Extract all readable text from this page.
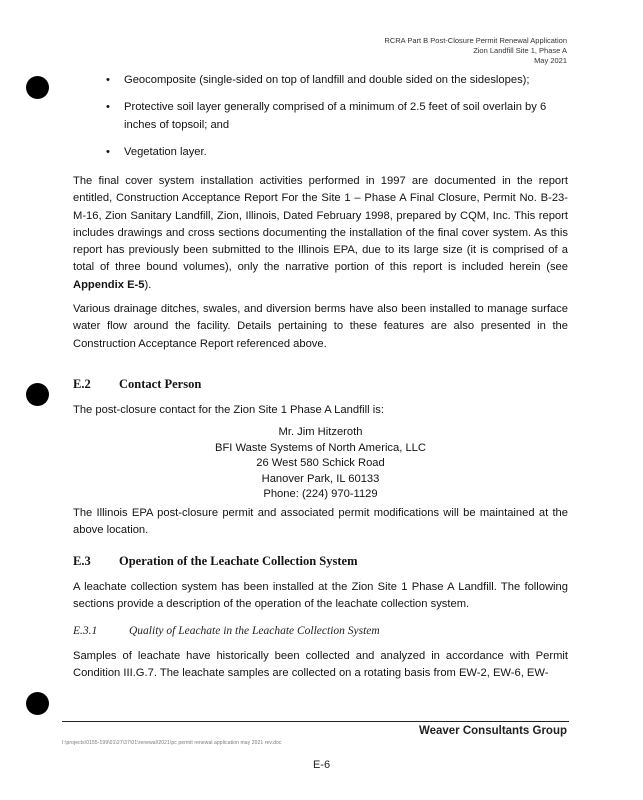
RCRA Part B Post-Closure Permit Renewal Application
Zion Landfill Site 1, Phase A
May 2021
• Geocomposite (single-sided on top of landfill and double sided on the sideslopes);
• Protective soil layer generally comprised of a minimum of 2.5 feet of soil overlain by 6 inches of topsoil; and
• Vegetation layer.

The final cover system installation activities performed in 1997 are documented in the report entitled, Construction Acceptance Report For the Site 1 – Phase A Final Closure, Permit No. B-23-M-16, Zion Sanitary Landfill, Zion, Illinois, Dated February 1998, prepared by CQM, Inc. This report includes drawings and cross sections documenting the installation of the final cover system. As this report has previously been submitted to the Illinois EPA, due to its large size (it is comprised of a total of three bound volumes), only the narrative portion of this report is included herein (see Appendix E-5).

Various drainage ditches, swales, and diversion berms have also been installed to manage surface water flow around the facility. Details pertaining to these features are also presented in the Construction Acceptance Report referenced above.

E.2 Contact Person

The post-closure contact for the Zion Site 1 Phase A Landfill is:

Mr. Jim Hitzeroth
BFI Waste Systems of North America, LLC
26 West 580 Schick Road
Hanover Park, IL 60133
Phone: (224) 970-1129

The Illinois EPA post-closure permit and associated permit modifications will be maintained at the above location.

E.3 Operation of the Leachate Collection System

A leachate collection system has been installed at the Zion Site 1 Phase A Landfill. The following sections provide a description of the operation of the leachate collection system.

E.3.1	Quality of Leachate in the Leachate Collection System

Samples of leachate have historically been collected and analyzed in accordance with Permit Condition III.G.7. The leachate samples are collected on a rotating basis from EW-2, EW-6, EW-

Weaver Consultants Group
I:\projects\0155-199\01\27\37\01\renewal\2021\pc permit renewal application may 2021 rev.doc
E-6
